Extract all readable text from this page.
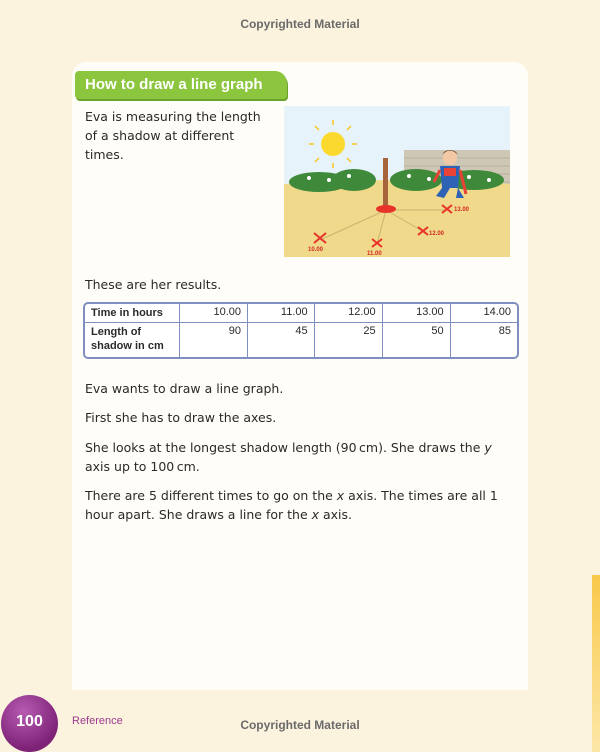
Copyrighted Material
How to draw a line graph

Eva is measuring the length of a shadow at different times.

13.00
12.00
10.00
11.00

These are her results.

Time in hours	10.00	11.00	12.00	13.00	14.00
Length of shadow in cm	90	45	25	50	85

Eva wants to draw a line graph.

First she has to draw the axes.

She looks at the longest shadow length (90 cm). She draws the y axis up to 100 cm.

There are 5 different times to go on the x axis. The times are all 1 hour apart. She draws a line for the x axis.

100	Reference	Copyrighted Material
